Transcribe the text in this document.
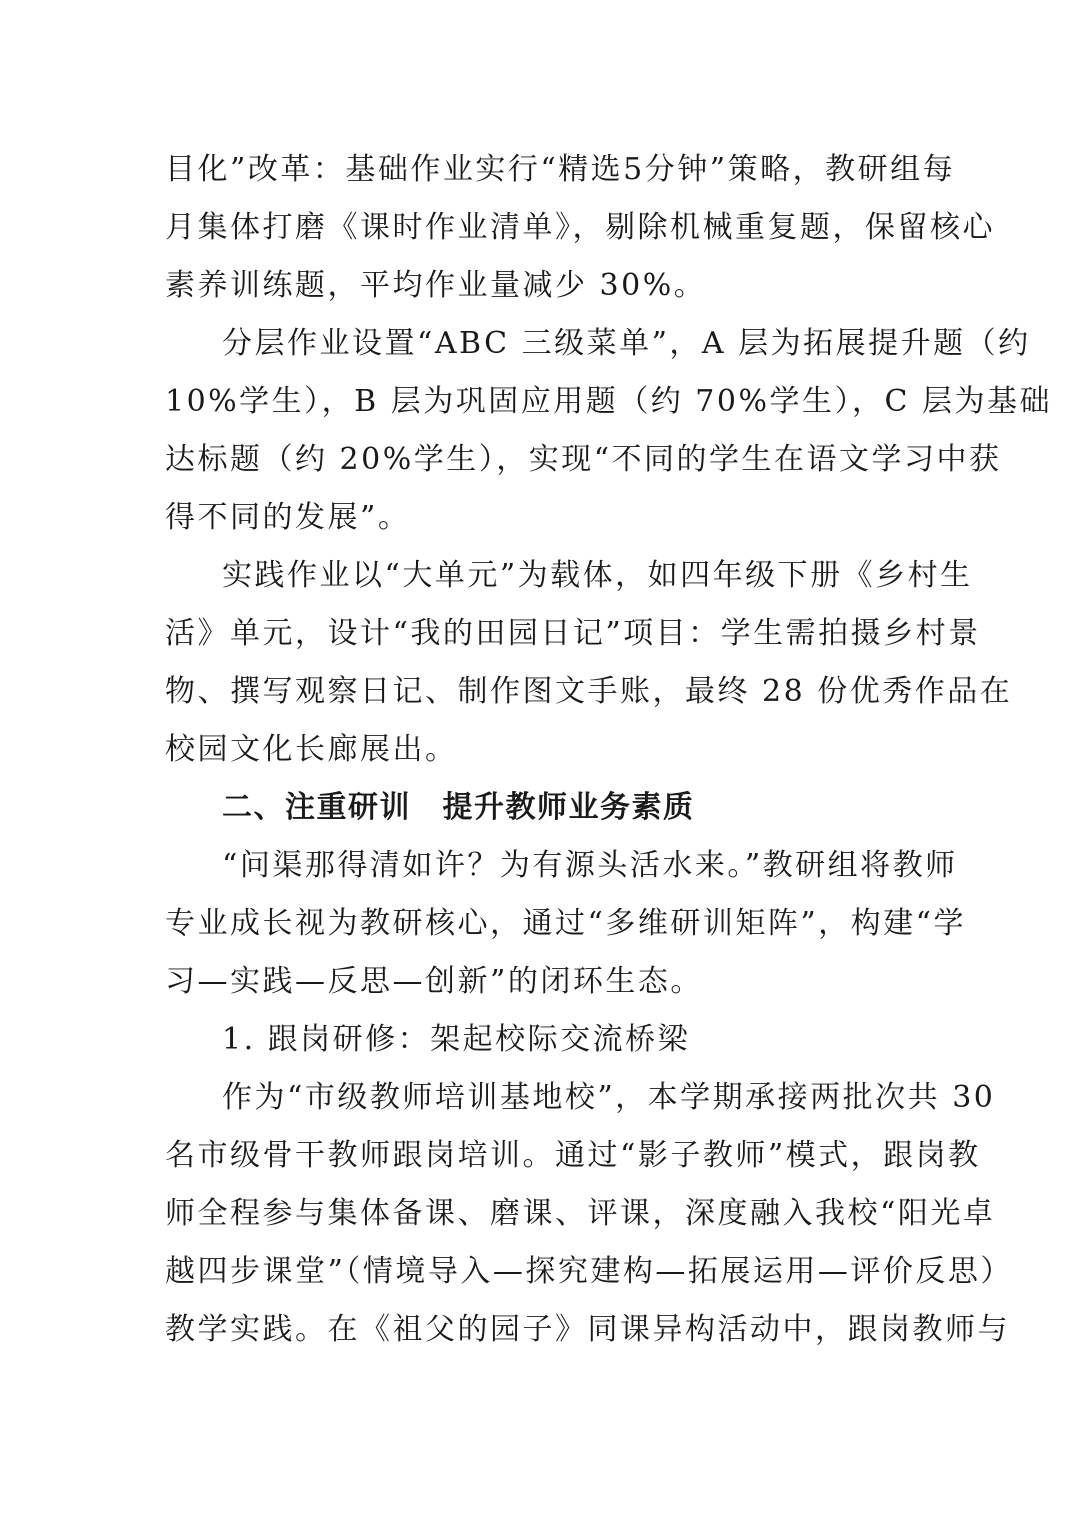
目化”改革：基础作业实行“精选5分钟”策略，教研组每
月集体打磨《课时作业清单》，剔除机械重复题，保留核心
素养训练题，平均作业量减少 30%。
分层作业设置“ABC 三级菜单”，A 层为拓展提升题（约
10%学生），B 层为巩固应用题（约 70%学生），C 层为基础
达标题（约 20%学生），实现“不同的学生在语文学习中获
得不同的发展”。
实践作业以“大单元”为载体，如四年级下册《乡村生
活》单元，设计“我的田园日记”项目：学生需拍摄乡村景
物、撰写观察日记、制作图文手账，最终 28 份优秀作品在
校园文化长廊展出。
二、注重研训　提升教师业务素质
“问渠那得清如许？为有源头活水来。”教研组将教师
专业成长视为教研核心，通过“多维研训矩阵”，构建“学
习—实践—反思—创新”的闭环生态。
1. 跟岗研修：架起校际交流桥梁
作为“市级教师培训基地校”，本学期承接两批次共 30
名市级骨干教师跟岗培训。通过“影子教师”模式，跟岗教
师全程参与集体备课、磨课、评课，深度融入我校“阳光卓
越四步课堂”（情境导入—探究建构—拓展运用—评价反思）
教学实践。在《祖父的园子》同课异构活动中，跟岗教师与
